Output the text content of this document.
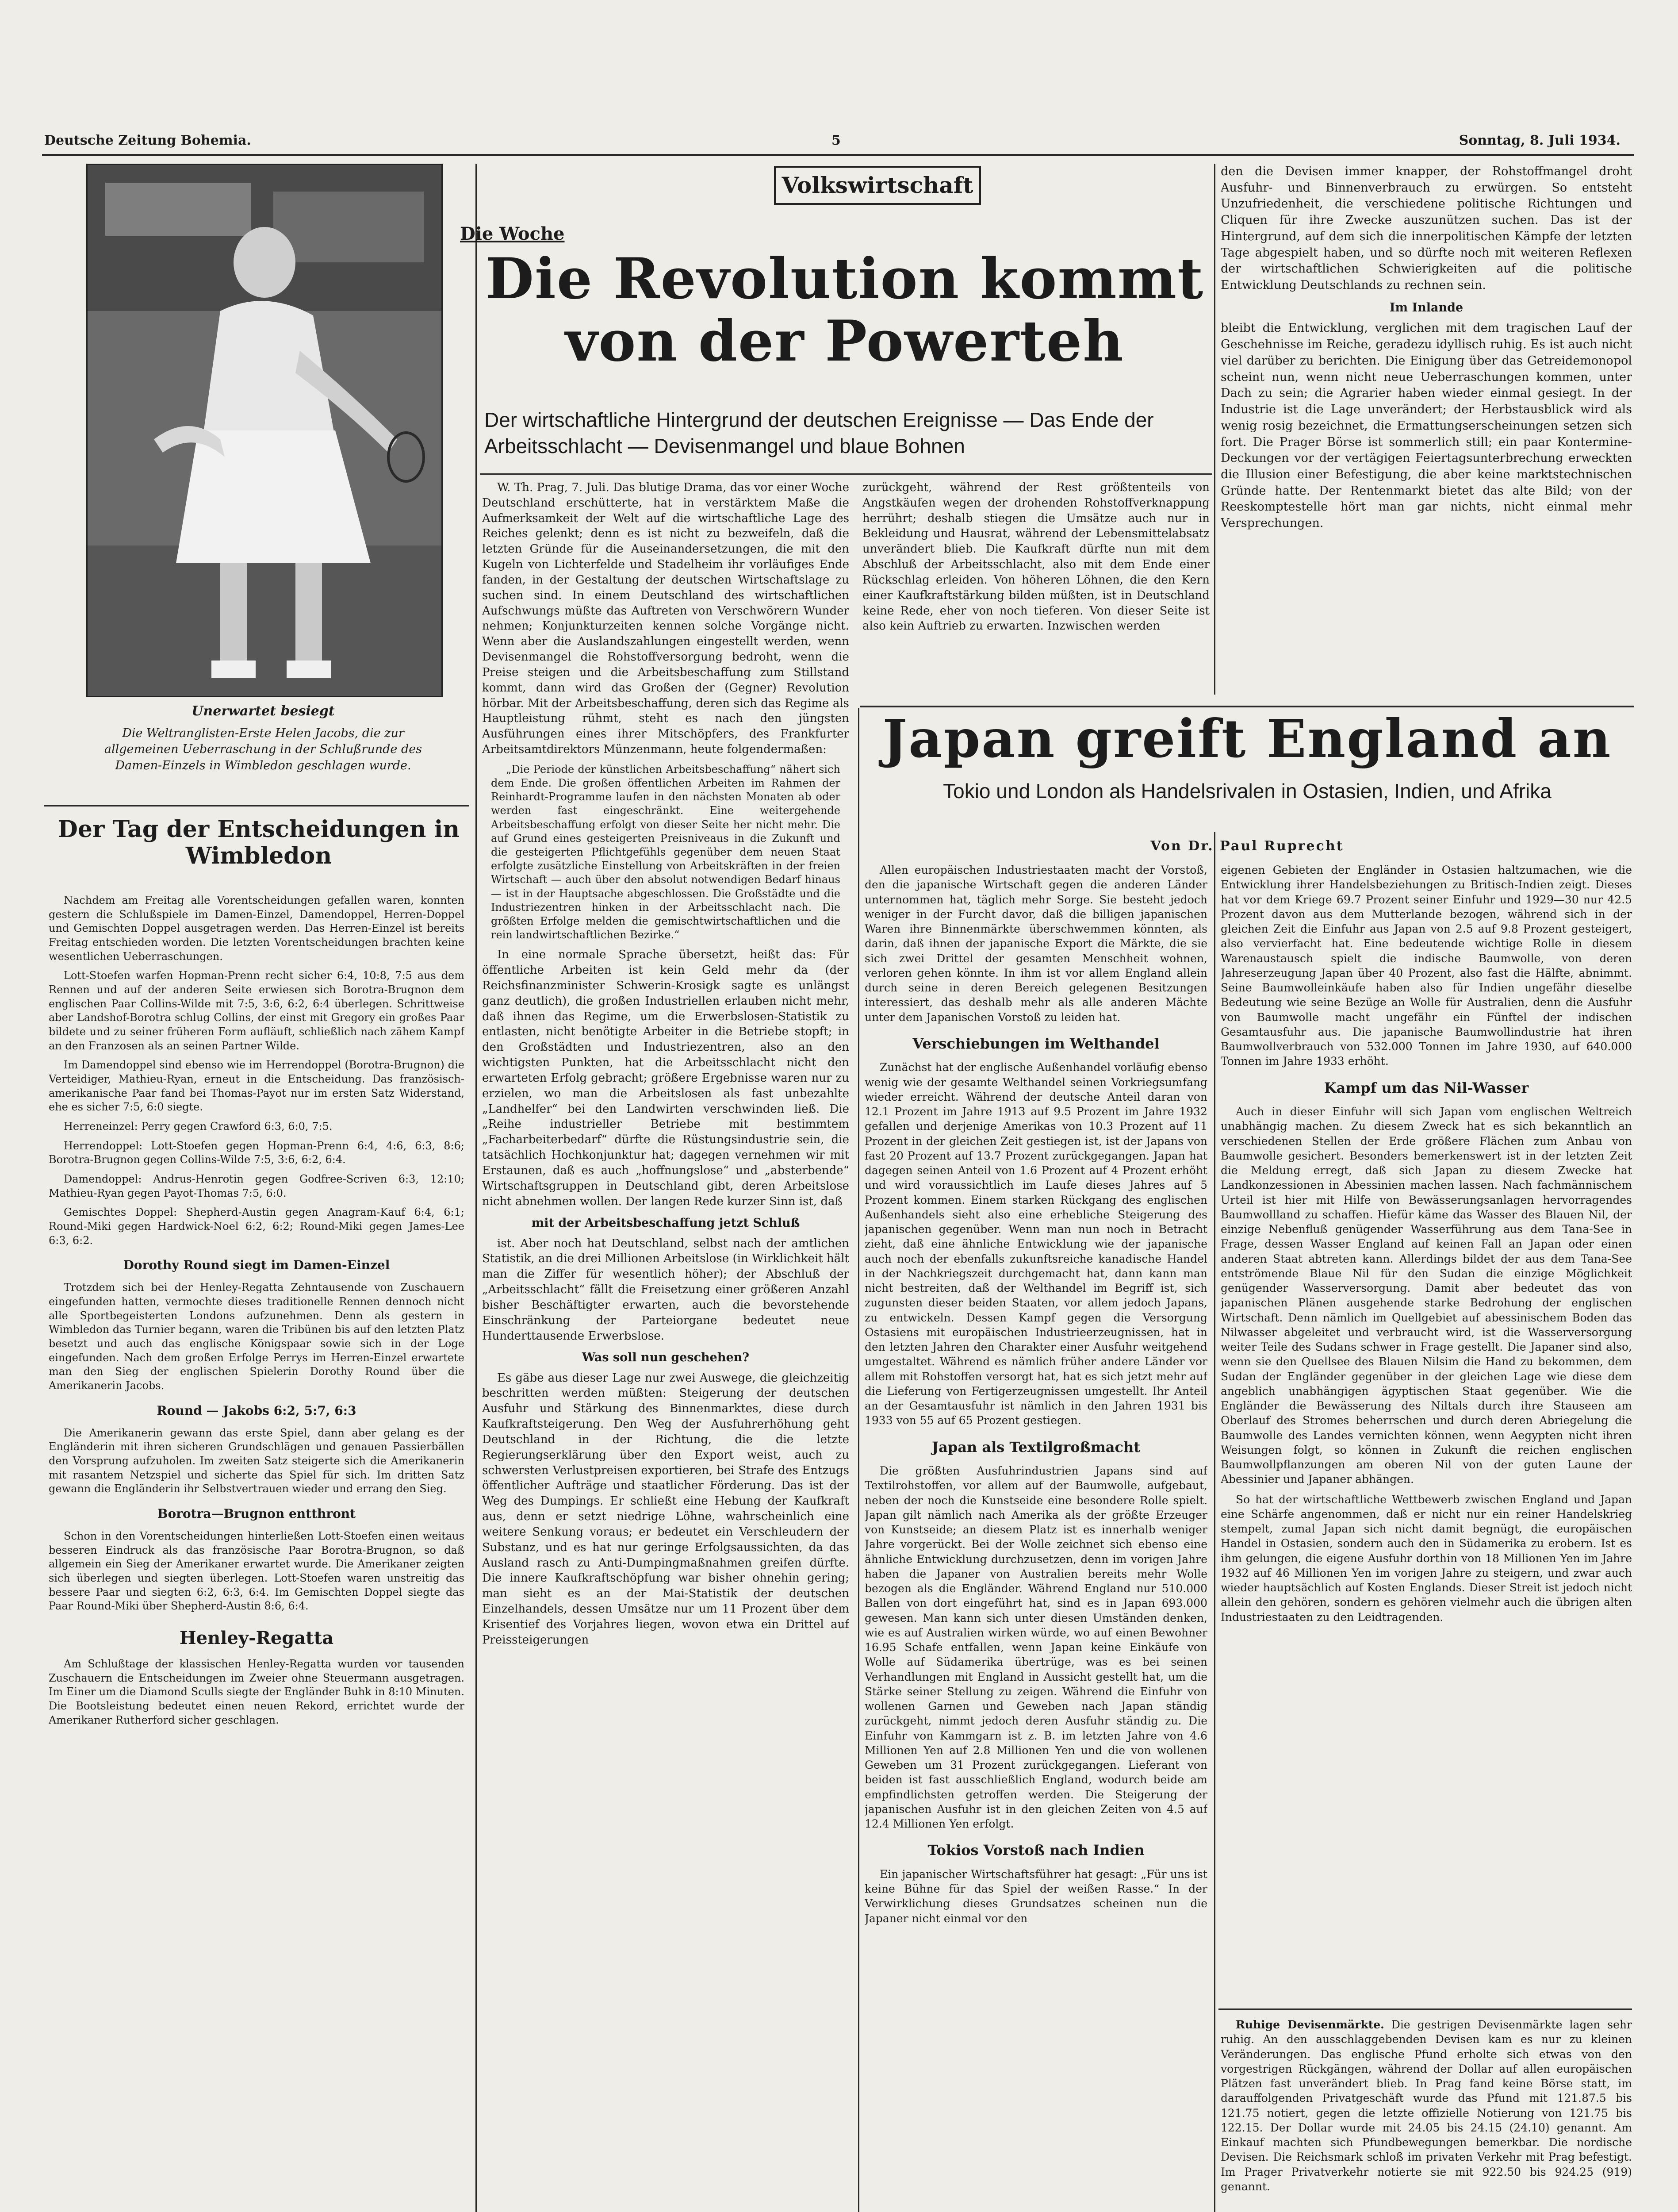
Deutsche Zeitung Bohemia.	5	Sonntag, 8. Juli 1934.
Unerwartet besiegt
Die Weltranglisten-Erste Helen Jacobs, die zur allgemeinen Ueberraschung in der Schlußrunde des Damen-Einzels in Wimbledon geschlagen wurde.
Der Tag der Entscheidungen in Wimbledon

Nachdem am Freitag alle Vorentscheidungen gefallen waren, konnten gestern die Schlußspiele im Damen-Einzel, Damendoppel, Herren-Doppel und Gemischten Doppel ausgetragen werden. Das Herren-Einzel ist bereits Freitag entschieden worden. Die letzten Vorentscheidungen brachten keine wesentlichen Ueberraschungen.

Lott-Stoefen warfen Hopman-Prenn recht sicher 6:4, 10:8, 7:5 aus dem Rennen und auf der anderen Seite erwiesen sich Borotra-Brugnon dem englischen Paar Collins-Wilde mit 7:5, 3:6, 6:2, 6:4 überlegen. Schrittweise aber Landshof-Borotra schlug Collins, der einst mit Gregory ein großes Paar bildete und zu seiner früheren Form aufläuft, schließlich nach zähem Kampf an den Franzosen als an seinen Partner Wilde.

Im Damendoppel sind ebenso wie im Herrendoppel (Borotra-Brugnon) die Verteidiger, Mathieu-Ryan, erneut in die Entscheidung. Das französisch-amerikanische Paar fand bei Thomas-Payot nur im ersten Satz Widerstand, ehe es sicher 7:5, 6:0 siegte.

Herreneinzel: Perry gegen Crawford 6:3, 6:0, 7:5.

Herrendoppel: Lott-Stoefen gegen Hopman-Prenn 6:4, 4:6, 6:3, 8:6; Borotra-Brugnon gegen Collins-Wilde 7:5, 3:6, 6:2, 6:4.

Damendoppel: Andrus-Henrotin gegen Godfree-Scriven 6:3, 12:10; Mathieu-Ryan gegen Payot-Thomas 7:5, 6:0.

Gemischtes Doppel: Shepherd-Austin gegen Anagram-Kauf 6:4, 6:1; Round-Miki gegen Hardwick-Noel 6:2, 6:2; Round-Miki gegen James-Lee 6:3, 6:2.

Dorothy Round siegt im Damen-Einzel

Trotzdem sich bei der Henley-Regatta Zehntausende von Zuschauern eingefunden hatten, vermochte dieses traditionelle Rennen dennoch nicht alle Sportbegeisterten Londons aufzunehmen. Denn als gestern in Wimbledon das Turnier begann, waren die Tribünen bis auf den letzten Platz besetzt und auch das englische Königspaar sowie sich in der Loge eingefunden. Nach dem großen Erfolge Perrys im Herren-Einzel erwartete man den Sieg der englischen Spielerin Dorothy Round über die Amerikanerin Jacobs.

Round — Jakobs 6:2, 5:7, 6:3

Die Amerikanerin gewann das erste Spiel, dann aber gelang es der Engländerin mit ihren sicheren Grundschlägen und genauen Passierbällen den Vorsprung aufzuholen. Im zweiten Satz steigerte sich die Amerikanerin mit rasantem Netzspiel und sicherte das Spiel für sich. Im dritten Satz gewann die Engländerin ihr Selbstvertrauen wieder und errang den Sieg.

Borotra—Brugnon entthront

Schon in den Vorentscheidungen hinterließen Lott-Stoefen einen weitaus besseren Eindruck als das französische Paar Borotra-Brugnon, so daß allgemein ein Sieg der Amerikaner erwartet wurde. Die Amerikaner zeigten sich überlegen und siegten überlegen. Lott-Stoefen waren unstreitig das bessere Paar und siegten 6:2, 6:3, 6:4. Im Gemischten Doppel siegte das Paar Round-Miki über Shepherd-Austin 8:6, 6:4.

Henley-Regatta

Am Schlußtage der klassischen Henley-Regatta wurden vor tausenden Zuschauern die Entscheidungen im Zweier ohne Steuermann ausgetragen. Im Einer um die Diamond Sculls siegte der Engländer Buhk in 8:10 Minuten. Die Bootsleistung bedeutet einen neuen Rekord, errichtet wurde der Amerikaner Rutherford sicher geschlagen.

Volkswirtschaft
Die Woche
Die Revolution kommt von der Powerteh
Der wirtschaftliche Hintergrund der deutschen Ereignisse — Das Ende der Arbeitsschlacht — Devisenmangel und blaue Bohnen

W. Th. Prag, 7. Juli. Das blutige Drama, das vor einer Woche Deutschland erschütterte, hat in verstärktem Maße die Aufmerksamkeit der Welt auf die wirtschaftliche Lage des Reiches gelenkt; denn es ist nicht zu bezweifeln, daß die letzten Gründe für die Auseinandersetzungen, die mit den Kugeln von Lichterfelde und Stadelheim ihr vorläufiges Ende fanden, in der Gestaltung der deutschen Wirtschaftslage zu suchen sind. In einem Deutschland des wirtschaftlichen Aufschwungs müßte das Auftreten von Verschwörern Wunder nehmen; Konjunkturzeiten kennen solche Vorgänge nicht. Wenn aber die Auslandszahlungen eingestellt werden, wenn Devisenmangel die Rohstoffversorgung bedroht, wenn die Preise steigen und die Arbeitsbeschaffung zum Stillstand kommt, dann wird das Großen der (Gegner) Revolution hörbar. Mit der Arbeitsbeschaffung, deren sich das Regime als Hauptleistung rühmt, steht es nach den jüngsten Ausführungen eines ihrer Mitschöpfers, des Frankfurter Arbeitsamtdirektors Münzenmann, heute folgendermaßen:

„Die Periode der künstlichen Arbeitsbeschaffung“ nähert sich dem Ende. Die großen öffentlichen Arbeiten im Rahmen der Reinhardt-Programme laufen in den nächsten Monaten ab oder werden fast eingeschränkt. Eine weitergehende Arbeitsbeschaffung erfolgt von dieser Seite her nicht mehr. Die auf Grund eines gesteigerten Preisniveaus in die Zukunft und die gesteigerten Pflichtgefühls gegenüber dem neuen Staat erfolgte zusätzliche Einstellung von Arbeitskräften in der freien Wirtschaft — auch über den absolut notwendigen Bedarf hinaus — ist in der Hauptsache abgeschlossen. Die Großstädte und die Industriezentren hinken in der Arbeitsschlacht nach. Die größten Erfolge melden die gemischtwirtschaftlichen und die rein landwirtschaftlichen Bezirke.“

In eine normale Sprache übersetzt, heißt das: Für öffentliche Arbeiten ist kein Geld mehr da (der Reichsfinanzminister Schwerin-Krosigk sagte es unlängst ganz deutlich), die großen Industriellen erlauben nicht mehr, daß ihnen das Regime, um die Erwerbslosen-Statistik zu entlasten, nicht benötigte Arbeiter in die Betriebe stopft; in den Großstädten und Industriezentren, also an den wichtigsten Punkten, hat die Arbeitsschlacht nicht den erwarteten Erfolg gebracht; größere Ergebnisse waren nur zu erzielen, wo man die Arbeitslosen als fast unbezahlte „Landhelfer“ bei den Landwirten verschwinden ließ. Die „Reihe industrieller Betriebe mit bestimmtem „Facharbeiterbedarf“ dürfte die Rüstungsindustrie sein, die tatsächlich Hochkonjunktur hat; dagegen vernehmen wir mit Erstaunen, daß es auch „hoffnungslose“ und „absterbende“ Wirtschaftsgruppen in Deutschland gibt, deren Arbeitslose nicht abnehmen wollen. Der langen Rede kurzer Sinn ist, daß

mit der Arbeitsbeschaffung jetzt Schluß

ist. Aber noch hat Deutschland, selbst nach der amtlichen Statistik, an die drei Millionen Arbeitslose (in Wirklichkeit hält man die Ziffer für wesentlich höher); der Abschluß der „Arbeitsschlacht“ fällt die Freisetzung einer größeren Anzahl bisher Beschäftigter erwarten, auch die bevorstehende Einschränkung der Parteiorgane bedeutet neue Hunderttausende Erwerbslose.

Was soll nun geschehen?

Es gäbe aus dieser Lage nur zwei Auswege, die gleichzeitig beschritten werden müßten: Steigerung der deutschen Ausfuhr und Stärkung des Binnenmarktes, diese durch Kaufkraftsteigerung. Den Weg der Ausfuhrerhöhung geht Deutschland in der Richtung, die die letzte Regierungserklärung über den Export weist, auch zu schwersten Verlustpreisen exportieren, bei Strafe des Entzugs öffentlicher Aufträge und staatlicher Förderung. Das ist der Weg des Dumpings. Er schließt eine Hebung der Kaufkraft aus, denn er setzt niedrige Löhne, wahrscheinlich eine weitere Senkung voraus; er bedeutet ein Verschleudern der Substanz, und es hat nur geringe Erfolgsaussichten, da das Ausland rasch zu Anti-Dumpingmaßnahmen greifen dürfte. Die innere Kaufkraftschöpfung war bisher ohnehin gering; man sieht es an der Mai-Statistik der deutschen Einzelhandels, dessen Umsätze nur um 11 Prozent über dem Krisentief des Vorjahres liegen, wovon etwa ein Drittel auf Preissteigerungen

zurückgeht, während der Rest größtenteils von Angstkäufen wegen der drohenden Rohstoffverknappung herrührt; deshalb stiegen die Umsätze auch nur in Bekleidung und Hausrat, während der Lebensmittelabsatz unverändert blieb. Die Kaufkraft dürfte nun mit dem Abschluß der Arbeitsschlacht, also mit dem Ende einer Rückschlag erleiden. Von höheren Löhnen, die den Kern einer Kaufkraftstärkung bilden müßten, ist in Deutschland keine Rede, eher von noch tieferen. Von dieser Seite ist also kein Auftrieb zu erwarten. Inzwischen werden

den die Devisen immer knapper, der Rohstoffmangel droht Ausfuhr- und Binnenverbrauch zu erwürgen. So entsteht Unzufriedenheit, die verschiedene politische Richtungen und Cliquen für ihre Zwecke auszunützen suchen. Das ist der Hintergrund, auf dem sich die innerpolitischen Kämpfe der letzten Tage abgespielt haben, und so dürfte noch mit weiteren Reflexen der wirtschaftlichen Schwierigkeiten auf die politische Entwicklung Deutschlands zu rechnen sein.

Im Inlande

bleibt die Entwicklung, verglichen mit dem tragischen Lauf der Geschehnisse im Reiche, geradezu idyllisch ruhig. Es ist auch nicht viel darüber zu berichten. Die Einigung über das Getreidemonopol scheint nun, wenn nicht neue Ueberraschungen kommen, unter Dach zu sein; die Agrarier haben wieder einmal gesiegt. In der Industrie ist die Lage unverändert; der Herbstausblick wird als wenig rosig bezeichnet, die Ermattungserscheinungen setzen sich fort. Die Prager Börse ist sommerlich still; ein paar Kontermine-Deckungen vor der vertägigen Feiertagsunterbrechung erweckten die Illusion einer Befestigung, die aber keine marktstechnischen Gründe hatte. Der Rentenmarkt bietet das alte Bild; von der Reeskomptestelle hört man gar nichts, nicht einmal mehr Versprechungen.

Japan greift England an
Tokio und London als Handelsrivalen in Ostasien, Indien, und Afrika
Von Dr. Paul Ruprecht

Allen europäischen Industriestaaten macht der Vorstoß, den die japanische Wirtschaft gegen die anderen Länder unternommen hat, täglich mehr Sorge. Sie besteht jedoch weniger in der Furcht davor, daß die billigen japanischen Waren ihre Binnenmärkte überschwemmen könnten, als darin, daß ihnen der japanische Export die Märkte, die sie sich zwei Drittel der gesamten Menschheit wohnen, verloren gehen könnte. In ihm ist vor allem England allein durch seine in deren Bereich gelegenen Besitzungen interessiert, das deshalb mehr als alle anderen Mächte unter dem Japanischen Vorstoß zu leiden hat.

Verschiebungen im Welthandel

Zunächst hat der englische Außenhandel vorläufig ebenso wenig wie der gesamte Welthandel seinen Vorkriegsumfang wieder erreicht. Während der deutsche Anteil daran von 12.1 Prozent im Jahre 1913 auf 9.5 Prozent im Jahre 1932 gefallen und derjenige Amerikas von 10.3 Prozent auf 11 Prozent in der gleichen Zeit gestiegen ist, ist der Japans von fast 20 Prozent auf 13.7 Prozent zurückgegangen. Japan hat dagegen seinen Anteil von 1.6 Prozent auf 4 Prozent erhöht und wird voraussichtlich im Laufe dieses Jahres auf 5 Prozent kommen. Einem starken Rückgang des englischen Außenhandels sieht also eine erhebliche Steigerung des japanischen gegenüber. Wenn man nun noch in Betracht zieht, daß eine ähnliche Entwicklung wie der japanische auch noch der ebenfalls zukunftsreiche kanadische Handel in der Nachkriegszeit durchgemacht hat, dann kann man nicht bestreiten, daß der Welthandel im Begriff ist, sich zugunsten dieser beiden Staaten, vor allem jedoch Japans, zu entwickeln. Dessen Kampf gegen die Versorgung Ostasiens mit europäischen Industrieerzeugnissen, hat in den letzten Jahren den Charakter einer Ausfuhr weitgehend umgestaltet. Während es nämlich früher andere Länder vor allem mit Rohstoffen versorgt hat, hat es sich jetzt mehr auf die Lieferung von Fertigerzeugnissen umgestellt. Ihr Anteil an der Gesamtausfuhr ist nämlich in den Jahren 1931 bis 1933 von 55 auf 65 Prozent gestiegen.

Japan als Textilgroßmacht

Die größten Ausfuhrindustrien Japans sind auf Textilrohstoffen, vor allem auf der Baumwolle, aufgebaut, neben der noch die Kunstseide eine besondere Rolle spielt. Japan gilt nämlich nach Amerika als der größte Erzeuger von Kunstseide; an diesem Platz ist es innerhalb weniger Jahre vorgerückt. Bei der Wolle zeichnet sich ebenso eine ähnliche Entwicklung durchzusetzen, denn im vorigen Jahre haben die Japaner von Australien bereits mehr Wolle bezogen als die Engländer. Während England nur 510.000 Ballen von dort eingeführt hat, sind es in Japan 693.000 gewesen. Man kann sich unter diesen Umständen denken, wie es auf Australien wirken würde, wo auf einen Bewohner 16.95 Schafe entfallen, wenn Japan keine Einkäufe von Wolle auf Südamerika übertrüge, was es bei seinen Verhandlungen mit England in Aussicht gestellt hat, um die Stärke seiner Stellung zu zeigen. Während die Einfuhr von wollenen Garnen und Geweben nach Japan ständig zurückgeht, nimmt jedoch deren Ausfuhr ständig zu. Die Einfuhr von Kammgarn ist z. B. im letzten Jahre von 4.6 Millionen Yen auf 2.8 Millionen Yen und die von wollenen Geweben um 31 Prozent zurückgegangen. Lieferant von beiden ist fast ausschließlich England, wodurch beide am empfindlichsten getroffen werden. Die Steigerung der japanischen Ausfuhr ist in den gleichen Zeiten von 4.5 auf 12.4 Millionen Yen erfolgt.

Tokios Vorstoß nach Indien

Ein japanischer Wirtschaftsführer hat gesagt: „Für uns ist keine Bühne für das Spiel der weißen Rasse.“ In der Verwirklichung dieses Grundsatzes scheinen nun die Japaner nicht einmal vor den

eigenen Gebieten der Engländer in Ostasien haltzumachen, wie die Entwicklung ihrer Handelsbeziehungen zu Britisch-Indien zeigt. Dieses hat vor dem Kriege 69.7 Prozent seiner Einfuhr und 1929—30 nur 42.5 Prozent davon aus dem Mutterlande bezogen, während sich in der gleichen Zeit die Einfuhr aus Japan von 2.5 auf 9.8 Prozent gesteigert, also vervierfacht hat. Eine bedeutende wichtige Rolle in diesem Warenaustausch spielt die indische Baumwolle, von deren Jahreserzeugung Japan über 40 Prozent, also fast die Hälfte, abnimmt. Seine Baumwolleinkäufe haben also für Indien ungefähr dieselbe Bedeutung wie seine Bezüge an Wolle für Australien, denn die Ausfuhr von Baumwolle macht ungefähr ein Fünftel der indischen Gesamtausfuhr aus. Die japanische Baumwollindustrie hat ihren Baumwollverbrauch von 532.000 Tonnen im Jahre 1930, auf 640.000 Tonnen im Jahre 1933 erhöht.

Kampf um das Nil-Wasser

Auch in dieser Einfuhr will sich Japan vom englischen Weltreich unabhängig machen. Zu diesem Zweck hat es sich bekanntlich an verschiedenen Stellen der Erde größere Flächen zum Anbau von Baumwolle gesichert. Besonders bemerkenswert ist in der letzten Zeit die Meldung erregt, daß sich Japan zu diesem Zwecke hat Landkonzessionen in Abessinien machen lassen. Nach fachmännischem Urteil ist hier mit Hilfe von Bewässerungsanlagen hervorragendes Baumwollland zu schaffen. Hiefür käme das Wasser des Blauen Nil, der einzige Nebenfluß genügender Wasserführung aus dem Tana-See in Frage, dessen Wasser England auf keinen Fall an Japan oder einen anderen Staat abtreten kann. Allerdings bildet der aus dem Tana-See entströmende Blaue Nil für den Sudan die einzige Möglichkeit genügender Wasserversorgung. Damit aber bedeutet das von japanischen Plänen ausgehende starke Bedrohung der englischen Wirtschaft. Denn nämlich im Quellgebiet auf abessinischem Boden das Nilwasser abgeleitet und verbraucht wird, ist die Wasserversorgung weiter Teile des Sudans schwer in Frage gestellt. Die Japaner sind also, wenn sie den Quellsee des Blauen Nilsim die Hand zu bekommen, dem Sudan der Engländer gegenüber in der gleichen Lage wie diese dem angeblich unabhängigen ägyptischen Staat gegenüber. Wie die Engländer die Bewässerung des Niltals durch ihre Stauseen am Oberlauf des Stromes beherrschen und durch deren Abriegelung die Baumwolle des Landes vernichten können, wenn Aegypten nicht ihren Weisungen folgt, so können in Zukunft die reichen englischen Baumwollpflanzungen am oberen Nil von der guten Laune der Abessinier und Japaner abhängen.

So hat der wirtschaftliche Wettbewerb zwischen England und Japan eine Schärfe angenommen, daß er nicht nur ein reiner Handelskrieg stempelt, zumal Japan sich nicht damit begnügt, die europäischen Handel in Ostasien, sondern auch den in Südamerika zu erobern. Ist es ihm gelungen, die eigene Ausfuhr dorthin von 18 Millionen Yen im Jahre 1932 auf 46 Millionen Yen im vorigen Jahre zu steigern, und zwar auch wieder hauptsächlich auf Kosten Englands. Dieser Streit ist jedoch nicht allein den gehören, sondern es gehören vielmehr auch die übrigen alten Industriestaaten zu den Leidtragenden.

Ruhige Devisenmärkte. Die gestrigen Devisenmärkte lagen sehr ruhig. An den ausschlaggebenden Devisen kam es nur zu kleinen Veränderungen. Das englische Pfund erholte sich etwas von den vorgestrigen Rückgängen, während der Dollar auf allen europäischen Plätzen fast unverändert blieb. In Prag fand keine Börse statt, im darauffolgenden Privatgeschäft wurde das Pfund mit 121.87.5 bis 121.75 notiert, gegen die letzte offizielle Notierung von 121.75 bis 122.15. Der Dollar wurde mit 24.05 bis 24.15 (24.10) genannt. Am Einkauf machten sich Pfundbewegungen bemerkbar. Die nordische Devisen. Die Reichsmark schloß im privaten Verkehr mit Prag befestigt. Im Prager Privatverkehr notierte sie mit 922.50 bis 924.25 (919) genannt.
